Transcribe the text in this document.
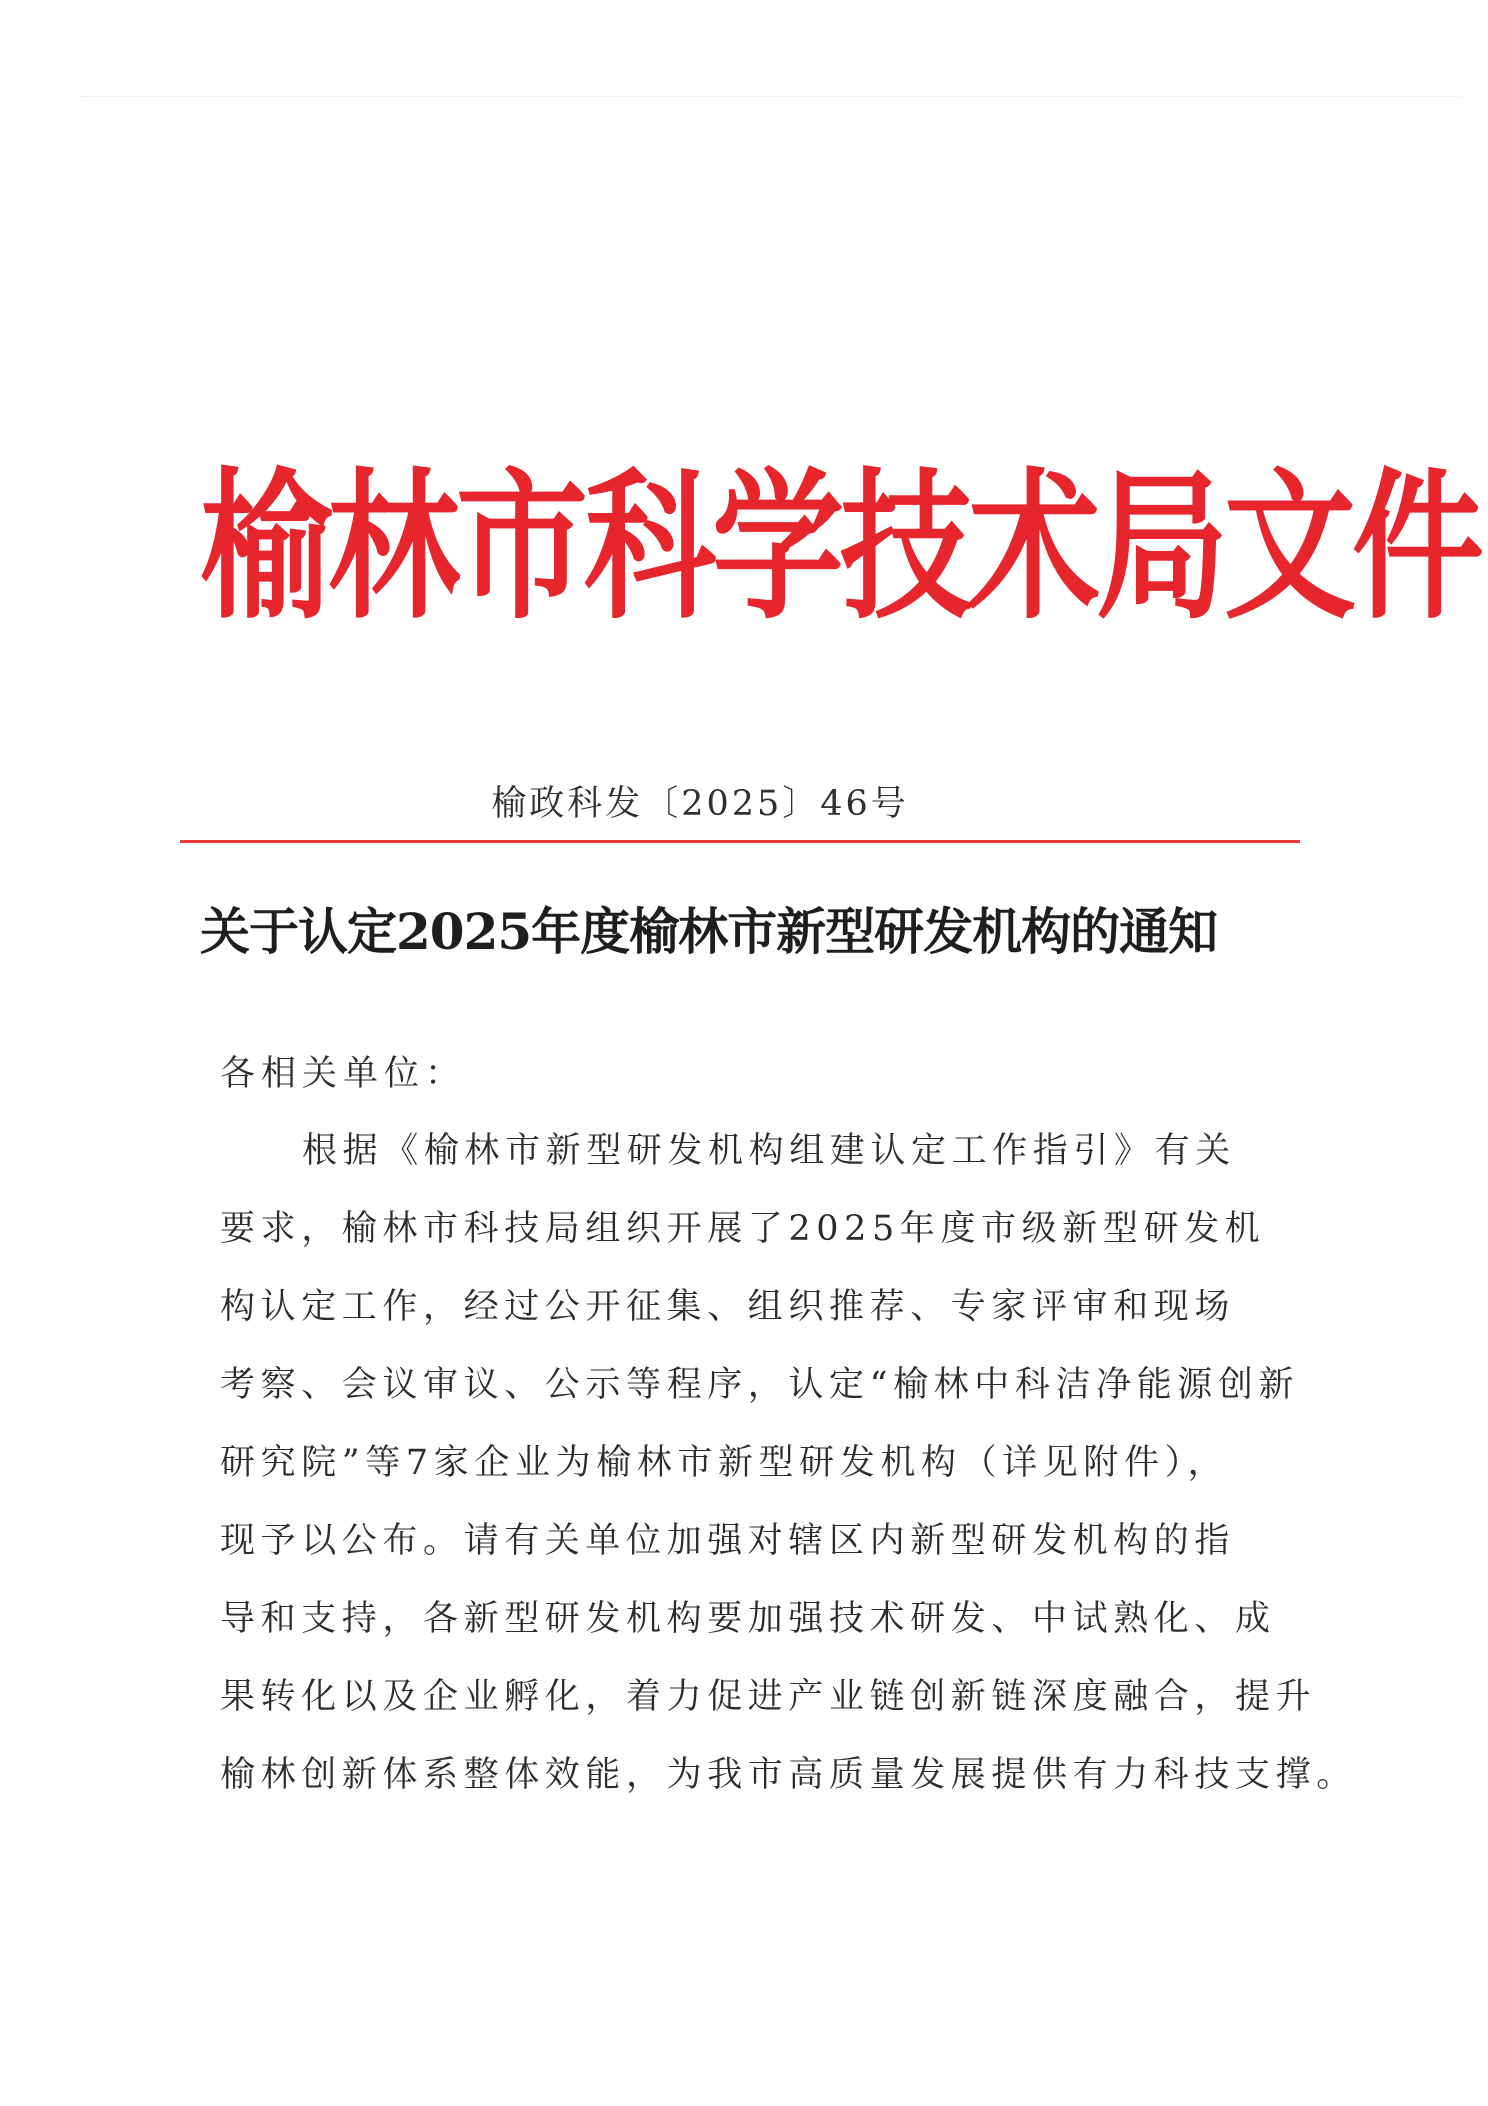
榆林市科学技术局文件
榆政科发〔2025〕46号
关于认定2025年度榆林市新型研发机构的通知
各相关单位：
根据《榆林市新型研发机构组建认定工作指引》有关
要求，榆林市科技局组织开展了2025年度市级新型研发机
构认定工作，经过公开征集、组织推荐、专家评审和现场
考察、会议审议、公示等程序，认定“榆林中科洁净能源创新
研究院”等7家企业为榆林市新型研发机构（详见附件），
现予以公布。请有关单位加强对辖区内新型研发机构的指
导和支持，各新型研发机构要加强技术研发、中试熟化、成
果转化以及企业孵化，着力促进产业链创新链深度融合，提升
榆林创新体系整体效能，为我市高质量发展提供有力科技支撑。
